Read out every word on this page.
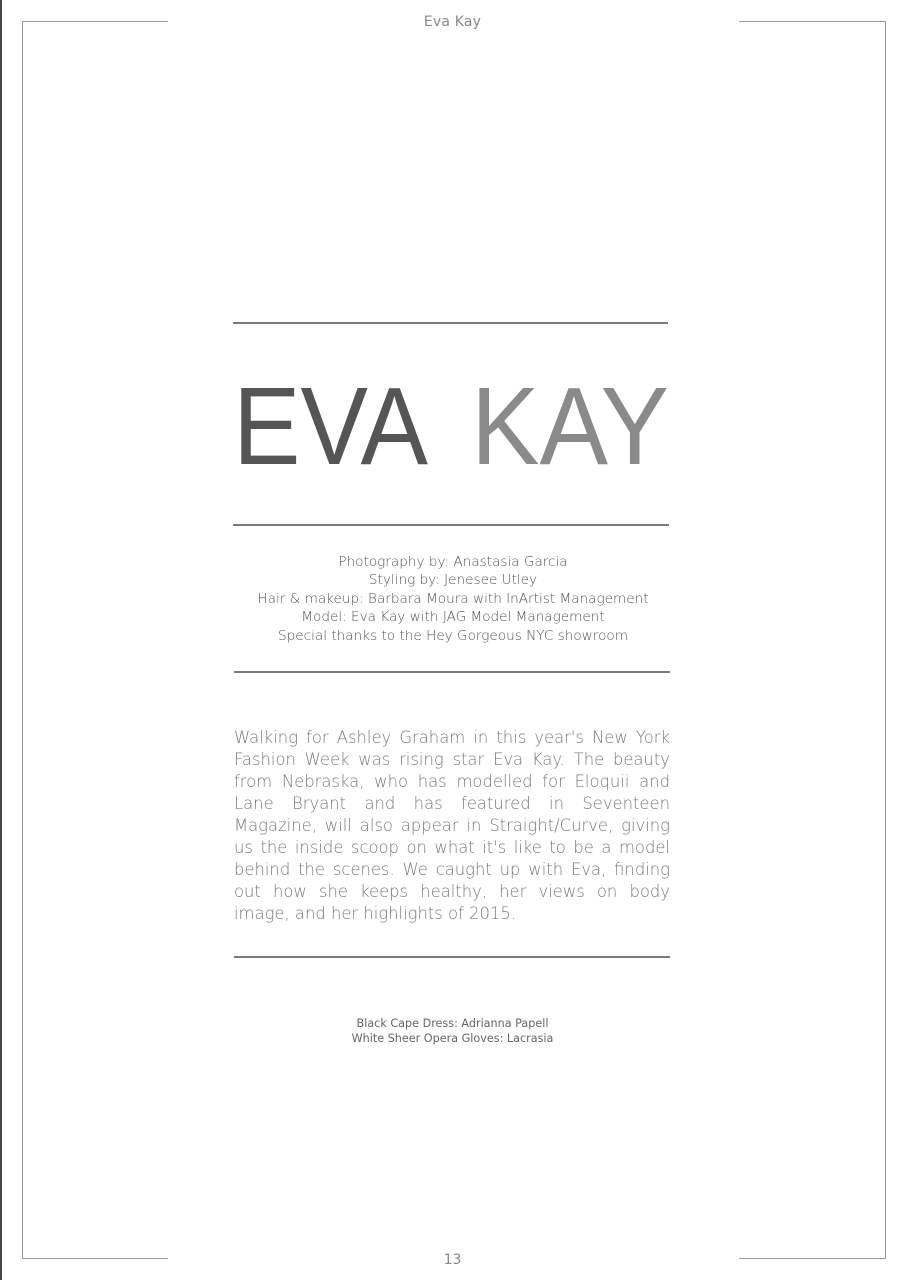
Eva Kay
EVA KAY
Photography by: Anastasia Garcia
Styling by: Jenesee Utley
Hair & makeup: Barbara Moura with InArtist Management
Model: Eva Kay with JAG Model Management
Special thanks to the Hey Gorgeous NYC showroom

Walking for Ashley Graham in this year's New York Fashion Week was rising star Eva Kay. The beauty from Nebraska, who has modelled for Eloquii and Lane Bryant and has featured in Seventeen Magazine, will also appear in Straight/Curve, giving us the inside scoop on what it's like to be a model behind the scenes. We caught up with Eva, finding out how she keeps healthy, her views on body image, and her highlights of 2015.

Black Cape Dress: Adrianna Papell
White Sheer Opera Gloves: Lacrasia
13
